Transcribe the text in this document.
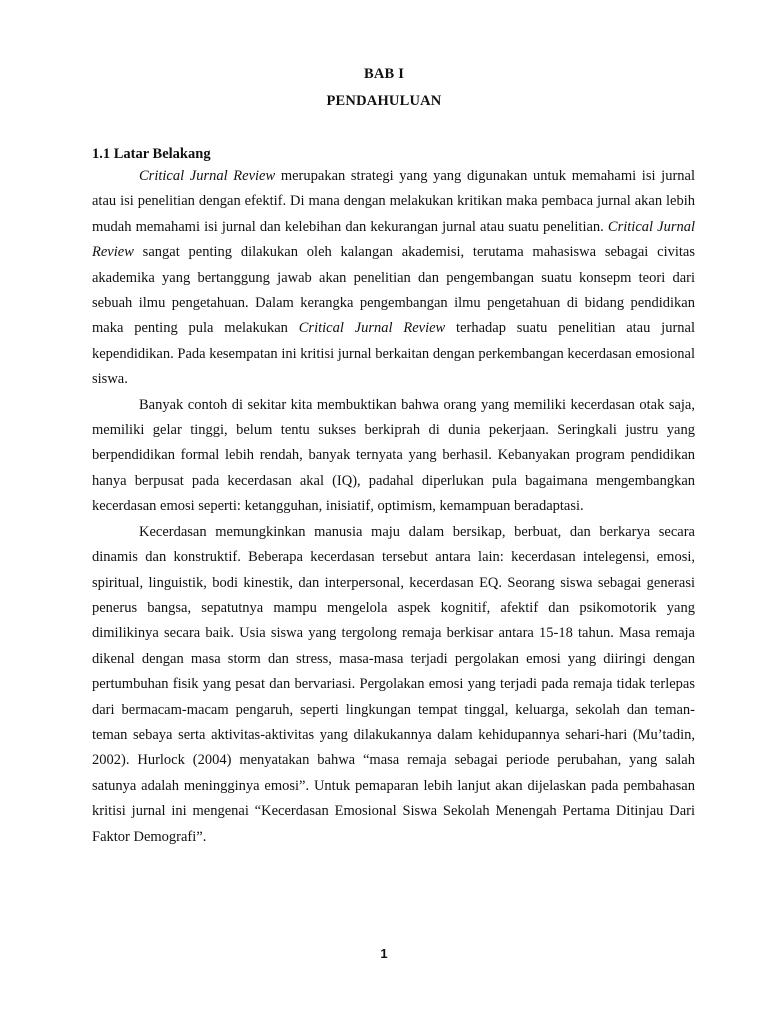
BAB I
PENDAHULUAN
1.1 Latar Belakang

Critical Jurnal Review merupakan strategi yang yang digunakan untuk memahami isi jurnal atau isi penelitian dengan efektif. Di mana dengan melakukan kritikan maka pembaca jurnal akan lebih mudah memahami isi jurnal dan kelebihan dan kekurangan jurnal atau suatu penelitian. Critical Jurnal Review sangat penting dilakukan oleh kalangan akademisi, terutama mahasiswa sebagai civitas akademika yang bertanggung jawab akan penelitian dan pengembangan suatu konsepm teori dari sebuah ilmu pengetahuan. Dalam kerangka pengembangan ilmu pengetahuan di bidang pendidikan maka penting pula melakukan Critical Jurnal Review terhadap suatu penelitian atau jurnal kependidikan. Pada kesempatan ini kritisi jurnal berkaitan dengan perkembangan kecerdasan emosional siswa.

Banyak contoh di sekitar kita membuktikan bahwa orang yang memiliki kecerdasan otak saja, memiliki gelar tinggi, belum tentu sukses berkiprah di dunia pekerjaan. Seringkali justru yang berpendidikan formal lebih rendah, banyak ternyata yang berhasil. Kebanyakan program pendidikan hanya berpusat pada kecerdasan akal (IQ), padahal diperlukan pula bagaimana mengembangkan kecerdasan emosi seperti: ketangguhan, inisiatif, optimism, kemampuan beradaptasi.

Kecerdasan memungkinkan manusia maju dalam bersikap, berbuat, dan berkarya secara dinamis dan konstruktif. Beberapa kecerdasan tersebut antara lain: kecerdasan intelegensi, emosi, spiritual, linguistik, bodi kinestik, dan interpersonal, kecerdasan EQ. Seorang siswa sebagai generasi penerus bangsa, sepatutnya mampu mengelola aspek kognitif, afektif dan psikomotorik yang dimilikinya secara baik. Usia siswa yang tergolong remaja berkisar antara 15-18 tahun. Masa remaja dikenal dengan masa storm dan stress, masa-masa terjadi pergolakan emosi yang diiringi dengan pertumbuhan fisik yang pesat dan bervariasi. Pergolakan emosi yang terjadi pada remaja tidak terlepas dari bermacam-macam pengaruh, seperti lingkungan tempat tinggal, keluarga, sekolah dan teman-teman sebaya serta aktivitas-aktivitas yang dilakukannya dalam kehidupannya sehari-hari (Mu’tadin, 2002). Hurlock (2004) menyatakan bahwa “masa remaja sebagai periode perubahan, yang salah satunya adalah meningginya emosi”. Untuk pemaparan lebih lanjut akan dijelaskan pada pembahasan kritisi jurnal ini mengenai “Kecerdasan Emosional Siswa Sekolah Menengah Pertama Ditinjau Dari Faktor Demografi”.

1
